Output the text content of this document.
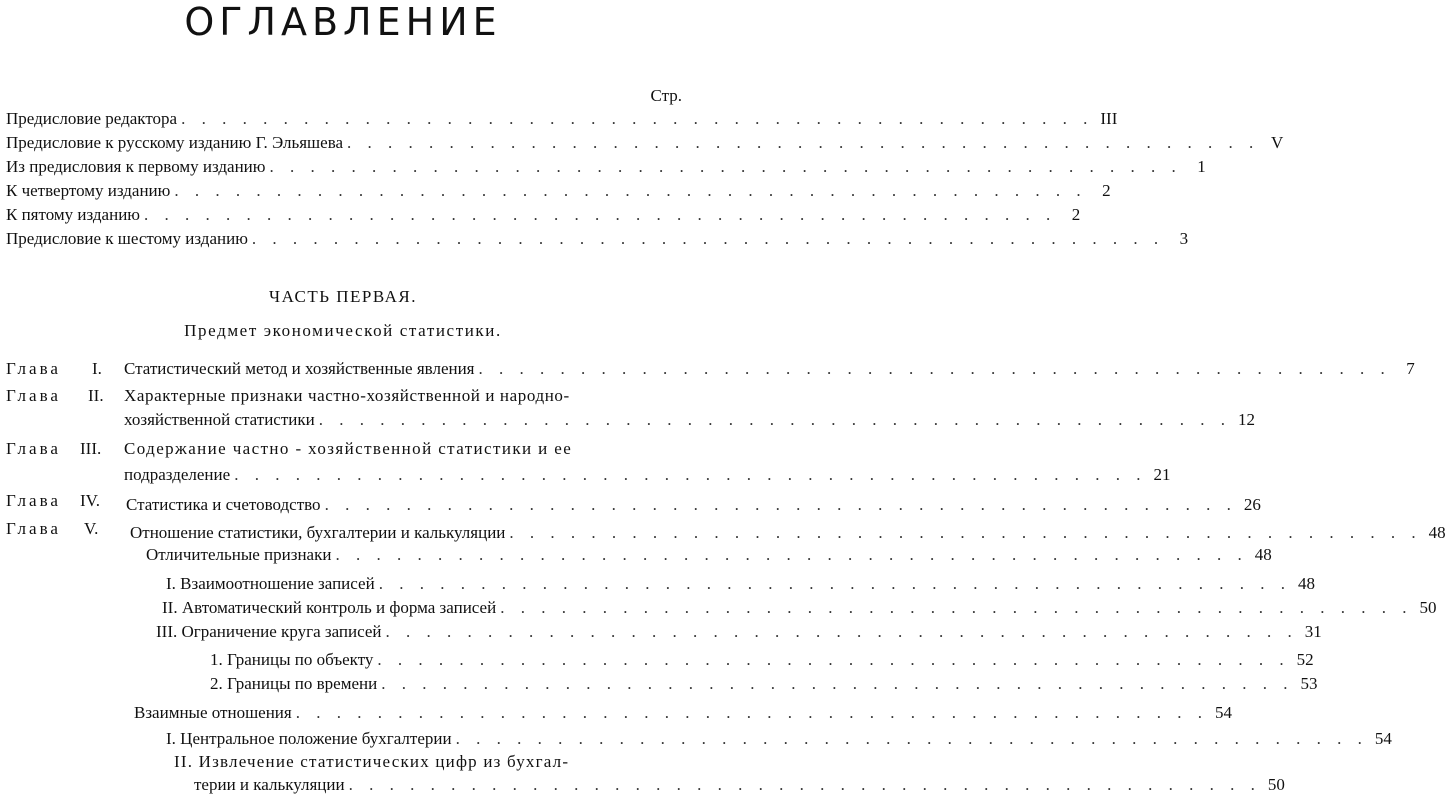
ОГЛАВЛЕНИЕ
Стр.
Предисловие редактора . . . . . . . . . . . . . . . . . . . . . . . . . . . . . . . . . . . . . . . . . . . . . III
Предисловие к русскому изданию Г. Эльяшева . . . . . . . . . . . . . . . . . . . . . . . . . . . . . . . . . . . . . . . . . . . . . V
Из предисловия к первому изданию . . . . . . . . . . . . . . . . . . . . . . . . . . . . . . . . . . . . . . . . . . . . . 1
К четвертому изданию . . . . . . . . . . . . . . . . . . . . . . . . . . . . . . . . . . . . . . . . . . . . . 2
К пятому изданию . . . . . . . . . . . . . . . . . . . . . . . . . . . . . . . . . . . . . . . . . . . . . 2
Предисловие к шестому изданию . . . . . . . . . . . . . . . . . . . . . . . . . . . . . . . . . . . . . . . . . . . . . 3
ЧАСТЬ ПЕРВАЯ.
Предмет экономической статистики.
Глава I. Статистический метод и хозяйственные явления . . . . . . . . . . . . . . . . . . . . . . . . . . . . . . . . . . . . . . . . . . . . . 7
Глава II. Характерные признаки частно-хозяйственной и народно-
хозяйственной статистики . . . . . . . . . . . . . . . . . . . . . . . . . . . . . . . . . . . . . . . . . . . . . 12
Глава III. Содержание частно - хозяйственной статистики и ее
подразделение . . . . . . . . . . . . . . . . . . . . . . . . . . . . . . . . . . . . . . . . . . . . . 21
Глава IV. Статистика и счетоводство . . . . . . . . . . . . . . . . . . . . . . . . . . . . . . . . . . . . . . . . . . . . . 26
Глава V. Отношение статистики, бухгалтерии и калькуляции . . . . . . . . . . . . . . . . . . . . . . . . . . . . . . . . . . . . . . . . . . . . . 48
Отличительные признаки . . . . . . . . . . . . . . . . . . . . . . . . . . . . . . . . . . . . . . . . . . . . . 48
I. Взаимоотношение записей . . . . . . . . . . . . . . . . . . . . . . . . . . . . . . . . . . . . . . . . . . . . . 48
II. Автоматический контроль и форма записей . . . . . . . . . . . . . . . . . . . . . . . . . . . . . . . . . . . . . . . . . . . . . 50
III. Ограничение круга записей . . . . . . . . . . . . . . . . . . . . . . . . . . . . . . . . . . . . . . . . . . . . . 31
1. Границы по объекту . . . . . . . . . . . . . . . . . . . . . . . . . . . . . . . . . . . . . . . . . . . . . 52
2. Границы по времени . . . . . . . . . . . . . . . . . . . . . . . . . . . . . . . . . . . . . . . . . . . . . 53
Взаимные отношения . . . . . . . . . . . . . . . . . . . . . . . . . . . . . . . . . . . . . . . . . . . . . 54
I. Центральное положение бухгалтерии . . . . . . . . . . . . . . . . . . . . . . . . . . . . . . . . . . . . . . . . . . . . . 54
II. Извлечение статистических цифр из бухгал-
терии и калькуляции . . . . . . . . . . . . . . . . . . . . . . . . . . . . . . . . . . . . . . . . . . . . . 50
